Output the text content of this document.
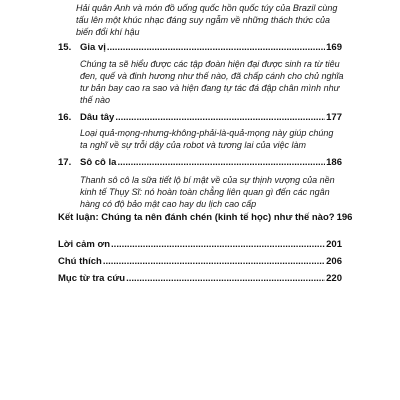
Hải quân Anh và món đồ uống quốc hồn quốc túy của Brazil cùng
tấu lên một khúc nhạc đáng suy ngẫm về những thách thức của
biến đổi khí hậu
15. Gia vị .....	169
Chúng ta sẽ hiểu được các tập đoàn hiện đại được sinh ra từ tiêu
đen, quế và đinh hương như thế nào, đã chấp cánh cho chủ nghĩa
tư bản bay cao ra sao và hiện đang tự tác đá đập chân mình như
thế nào
16. Dâu tây .....	177
Loại quả-mọng-nhưng-không-phải-là-quả-mọng này giúp chúng
ta nghĩ về sự trỗi dậy của robot và tương lai của việc làm
17. Sô cô la .....	186
Thanh sô cô la sữa tiết lộ bí mật về của sự thịnh vượng của nền
kinh tế Thụy Sĩ: nó hoàn toàn chẳng liên quan gì đến các ngân
hàng có độ bảo mật cao hay du lịch cao cấp
Kết luận: Chúng ta nên đánh chén (kinh tế học) như thế nào? 196
Lời cảm ơn .....	201
Chú thích .....	206
Mục từ tra cứu .....	220
